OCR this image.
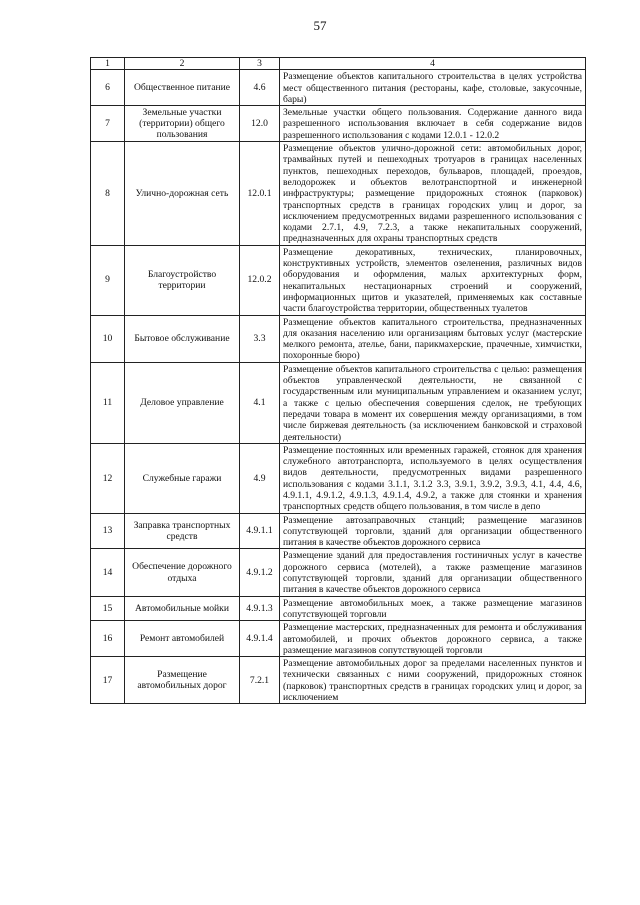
57
1	2	3	4
6	Общественное питание	4.6	Размещение объектов капитального строительства в целях устройства мест общественного питания (рестораны, кафе, столовые, закусочные, бары)
7	Земельные участки (территории) общего пользования	12.0	Земельные участки общего пользования. Содержание данного вида разрешенного использования включает в себя содержание видов разрешенного использования с кодами 12.0.1 - 12.0.2
8	Улично-дорожная сеть	12.0.1	Размещение объектов улично-дорожной сети: автомобильных дорог, трамвайных путей и пешеходных тротуаров в границах населенных пунктов, пешеходных переходов, бульваров, площадей, проездов, велодорожек и объектов велотранспортной и инженерной инфраструктуры; размещение придорожных стоянок (парковок) транспортных средств в границах городских улиц и дорог, за исключением предусмотренных видами разрешенного использования с кодами 2.7.1, 4.9, 7.2.3, а также некапитальных сооружений, предназначенных для охраны транспортных средств
9	Благоустройство территории	12.0.2	Размещение декоративных, технических, планировочных, конструктивных устройств, элементов озеленения, различных видов оборудования и оформления, малых архитектурных форм, некапитальных нестационарных строений и сооружений, информационных щитов и указателей, применяемых как составные части благоустройства территории, общественных туалетов
10	Бытовое обслуживание	3.3	Размещение объектов капитального строительства, предназначенных для оказания населению или организациям бытовых услуг (мастерские мелкого ремонта, ателье, бани, парикмахерские, прачечные, химчистки, похоронные бюро)
11	Деловое управление	4.1	Размещение объектов капитального строительства с целью: размещения объектов управленческой деятельности, не связанной с государственным или муниципальным управлением и оказанием услуг, а также с целью обеспечения совершения сделок, не требующих передачи товара в момент их совершения между организациями, в том числе биржевая деятельность (за исключением банковской и страховой деятельности)
12	Служебные гаражи	4.9	Размещение постоянных или временных гаражей, стоянок для хранения служебного автотранспорта, используемого в целях осуществления видов деятельности, предусмотренных видами разрешенного использования с кодами 3.1.1, 3.1.2 3.3, 3.9.1, 3.9.2, 3.9.3, 4.1, 4.4, 4.6, 4.9.1.1, 4.9.1.2, 4.9.1.3, 4.9.1.4, 4.9.2, а также для стоянки и хранения транспортных средств общего пользования, в том числе в депо
13	Заправка транспортных средств	4.9.1.1	Размещение автозаправочных станций; размещение магазинов сопутствующей торговли, зданий для организации общественного питания в качестве объектов дорожного сервиса
14	Обеспечение дорожного отдыха	4.9.1.2	Размещение зданий для предоставления гостиничных услуг в качестве дорожного сервиса (мотелей), а также размещение магазинов сопутствующей торговли, зданий для организации общественного питания в качестве объектов дорожного сервиса
15	Автомобильные мойки	4.9.1.3	Размещение автомобильных моек, а также размещение магазинов сопутствующей торговли
16	Ремонт автомобилей	4.9.1.4	Размещение мастерских, предназначенных для ремонта и обслуживания автомобилей, и прочих объектов дорожного сервиса, а также размещение магазинов сопутствующей торговли
17	Размещение автомобильных дорог	7.2.1	Размещение автомобильных дорог за пределами населенных пунктов и технически связанных с ними сооружений, придорожных стоянок (парковок) транспортных средств в границах городских улиц и дорог, за исключением
